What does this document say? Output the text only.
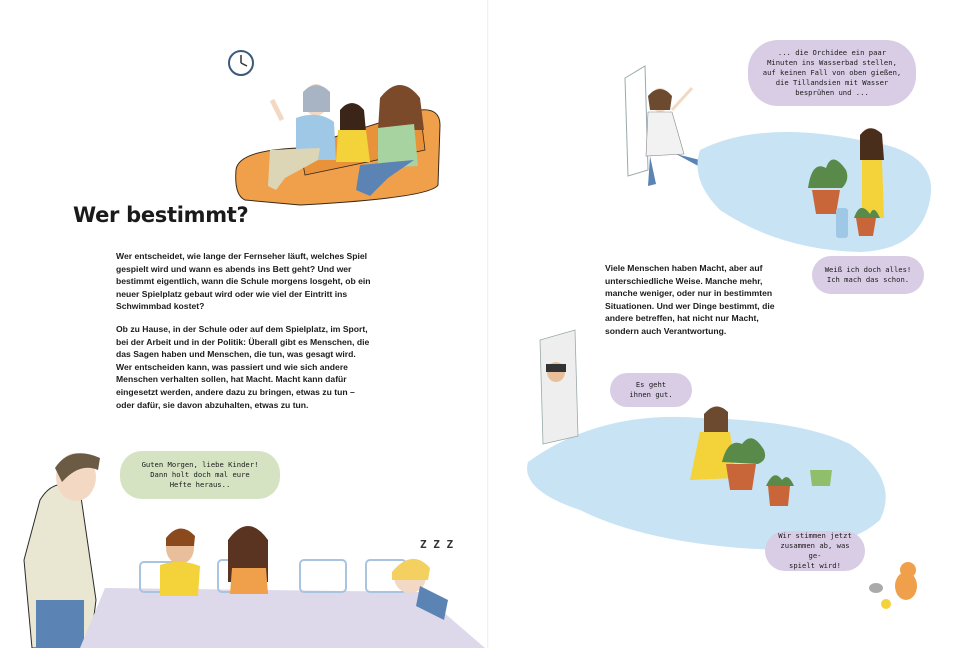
Z Z Z
Wer bestimmt?

Wer entscheidet, wie lange der Fernseher läuft, welches Spiel gespielt wird und wann es abends ins Bett geht? Und wer bestimmt eigentlich, wann die Schule morgens losgeht, ob ein neuer Spielplatz gebaut wird oder wie viel der Eintritt ins Schwimmbad kostet?

Ob zu Hause, in der Schule oder auf dem Spielplatz, im Sport, bei der Arbeit und in der Politik: Überall gibt es Menschen, die das Sagen haben und Menschen, die tun, was gesagt wird. Wer entscheiden kann, was passiert und wie sich andere Menschen verhalten sollen, hat Macht. Macht kann dafür eingesetzt werden, andere dazu zu bringen, etwas zu tun – oder dafür, sie davon abzuhalten, etwas zu tun.

Viele Menschen haben Macht, aber auf unterschiedliche Weise. Manche mehr, manche weniger, oder nur in bestimmten Situationen. Und wer Dinge bestimmt, die andere betreffen, hat nicht nur Macht, sondern auch Verantwortung.

Guten Morgen, liebe Kinder!
Dann holt doch mal eure
Hefte heraus..
... die Orchidee ein paar
Minuten ins Wasserbad stellen,
auf keinen Fall von oben gießen,
die Tillandsien mit Wasser
besprühen und ...
Weiß ich doch alles!
Ich mach das schon.
Es geht
ihnen gut.
Wir stimmen jetzt
zusammen ab, was ge-
spielt wird!
